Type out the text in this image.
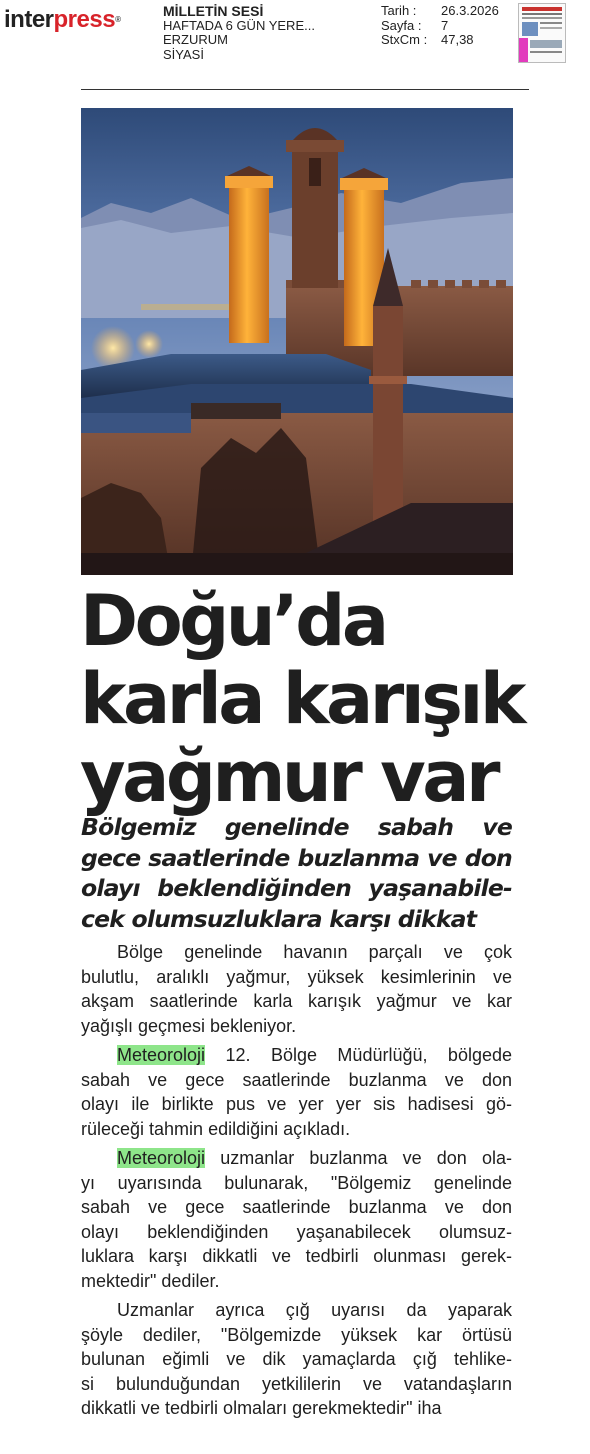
interpress®
MİLLETİN SESİ
HAFTADA 6 GÜN YERE...
ERZURUM
SİYASİ
Tarih :
Sayfa :
StxCm :
26.3.2026
7
47,38
Doğu’da
karla karışık
yağmur var
Bölgemiz genelinde sabah ve
gece saatlerinde buzlanma ve don
olayı beklendiğinden yaşanabile-
cek olumsuzluklara karşı dikkat
Bölge genelinde havanın parçalı ve çok
bulutlu, aralıklı yağmur, yüksek kesimlerinin ve
akşam saatlerinde karla karışık yağmur ve kar
yağışlı geçmesi bekleniyor.
Meteoroloji 12. Bölge Müdürlüğü, bölgede
sabah ve gece saatlerinde buzlanma ve don
olayı ile birlikte pus ve yer yer sis hadisesi gö-
rüleceği tahmin edildiğini açıkladı.
Meteoroloji uzmanlar buzlanma ve don ola-
yı uyarısında bulunarak, "Bölgemiz genelinde
sabah ve gece saatlerinde buzlanma ve don
olayı beklendiğinden yaşanabilecek olumsuz-
luklara karşı dikkatli ve tedbirli olunması gerek-
mektedir" dediler.
Uzmanlar ayrıca çığ uyarısı da yaparak
şöyle dediler, "Bölgemizde yüksek kar örtüsü
bulunan eğimli ve dik yamaçlarda çığ tehlike-
si bulunduğundan yetkililerin ve vatandaşların
dikkatli ve tedbirli olmaları gerekmektedir" iha
